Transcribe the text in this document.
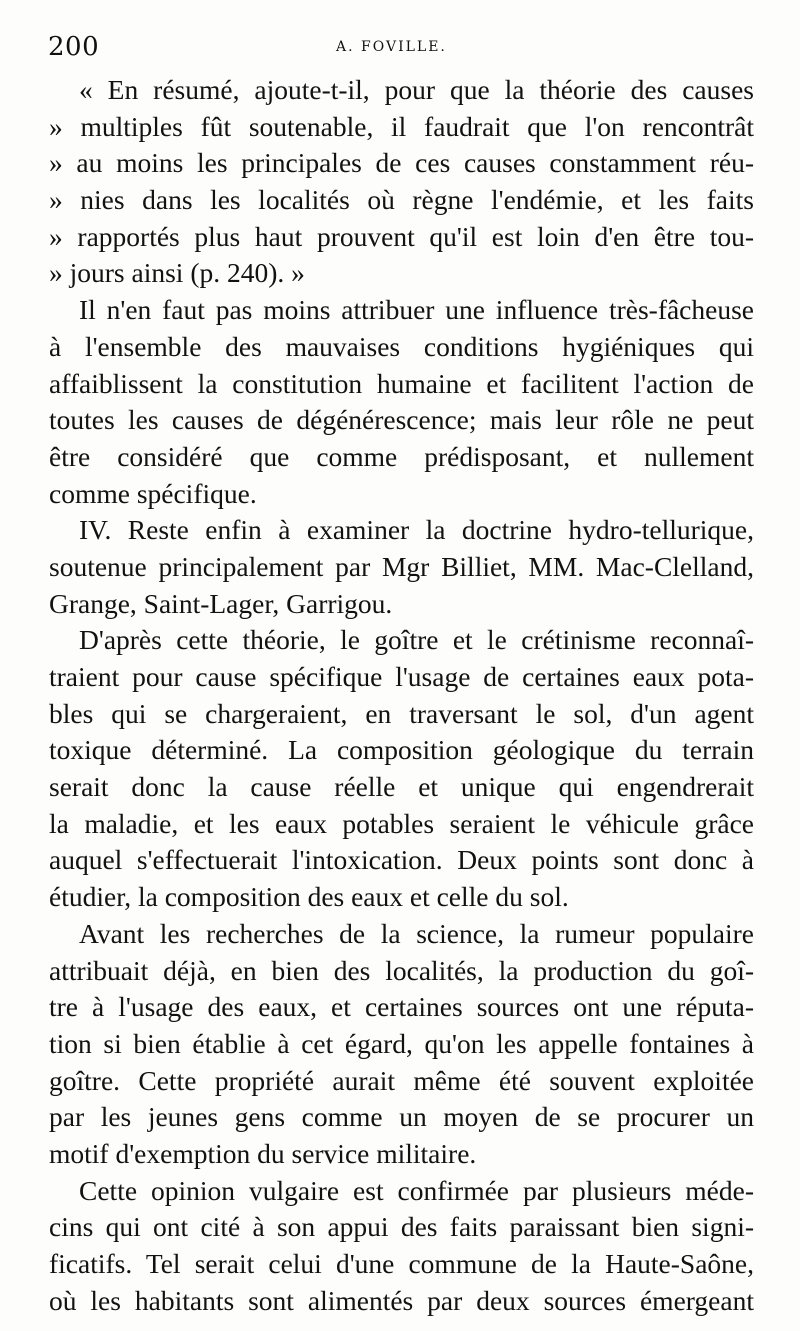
200	A. FOVILLE.
« En résumé, ajoute-t-il, pour que la théorie des causes
» multiples fût soutenable, il faudrait que l'on rencontrât
» au moins les principales de ces causes constamment réu-
» nies dans les localités où règne l'endémie, et les faits
» rapportés plus haut prouvent qu'il est loin d'en être tou-
» jours ainsi (p. 240). »
Il n'en faut pas moins attribuer une influence très-fâcheuse
à l'ensemble des mauvaises conditions hygiéniques qui
affaiblissent la constitution humaine et facilitent l'action de
toutes les causes de dégénérescence; mais leur rôle ne peut
être considéré que comme prédisposant, et nullement
comme spécifique.
IV. Reste enfin à examiner la doctrine hydro-tellurique,
soutenue principalement par Mgr Billiet, MM. Mac-Clelland,
Grange, Saint-Lager, Garrigou.
D'après cette théorie, le goître et le crétinisme reconnaî-
traient pour cause spécifique l'usage de certaines eaux pota-
bles qui se chargeraient, en traversant le sol, d'un agent
toxique déterminé. La composition géologique du terrain
serait donc la cause réelle et unique qui engendrerait
la maladie, et les eaux potables seraient le véhicule grâce
auquel s'effectuerait l'intoxication. Deux points sont donc à
étudier, la composition des eaux et celle du sol.
Avant les recherches de la science, la rumeur populaire
attribuait déjà, en bien des localités, la production du goî-
tre à l'usage des eaux, et certaines sources ont une réputa-
tion si bien établie à cet égard, qu'on les appelle fontaines à
goître. Cette propriété aurait même été souvent exploitée
par les jeunes gens comme un moyen de se procurer un
motif d'exemption du service militaire.
Cette opinion vulgaire est confirmée par plusieurs méde-
cins qui ont cité à son appui des faits paraissant bien signi-
ficatifs. Tel serait celui d'une commune de la Haute-Saône,
où les habitants sont alimentés par deux sources émergeant
